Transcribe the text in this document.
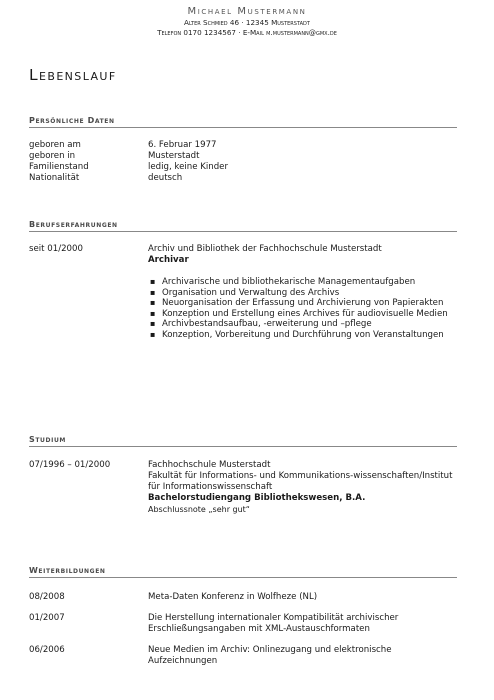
Michael Mustermann
Alter Schmied 46 · 12345 Musterstadt
Telefon 0170 1234567 · E-Mail m.mustermann@gmx.de
Lebenslauf
Persönliche Daten
geboren am	6. Februar 1977
geboren in	Musterstadt
Familienstand	ledig, keine Kinder
Nationalität	deutsch
Berufserfahrungen
seit 01/2000	Archiv und Bibliothek der Fachhochschule Musterstadt
Archivar
▪ Archivarische und bibliothekarische Managementaufgaben
▪ Organisation und Verwaltung des Archivs
▪ Neuorganisation der Erfassung und Archivierung von Papierakten
▪ Konzeption und Erstellung eines Archives für audiovisuelle Medien
▪ Archivbestandsaufbau, -erweiterung und –pflege
▪ Konzeption, Vorbereitung und Durchführung von Veranstaltungen
Studium
07/1996 – 01/2000	Fachhochschule Musterstadt
Fakultät für Informations- und Kommunikations-wissenschaften/Institut für Informationswissenschaft
Bachelorstudiengang Bibliothekswesen, B.A.
Abschlussnote „sehr gut“
Weiterbildungen
08/2008	Meta-Daten Konferenz in Wolfheze (NL)
01/2007	Die Herstellung internationaler Kompatibilität archivischer Erschließungsangaben mit XML-Austauschformaten
06/2006	Neue Medien im Archiv: Onlinezugang und elektronische Aufzeichnungen
